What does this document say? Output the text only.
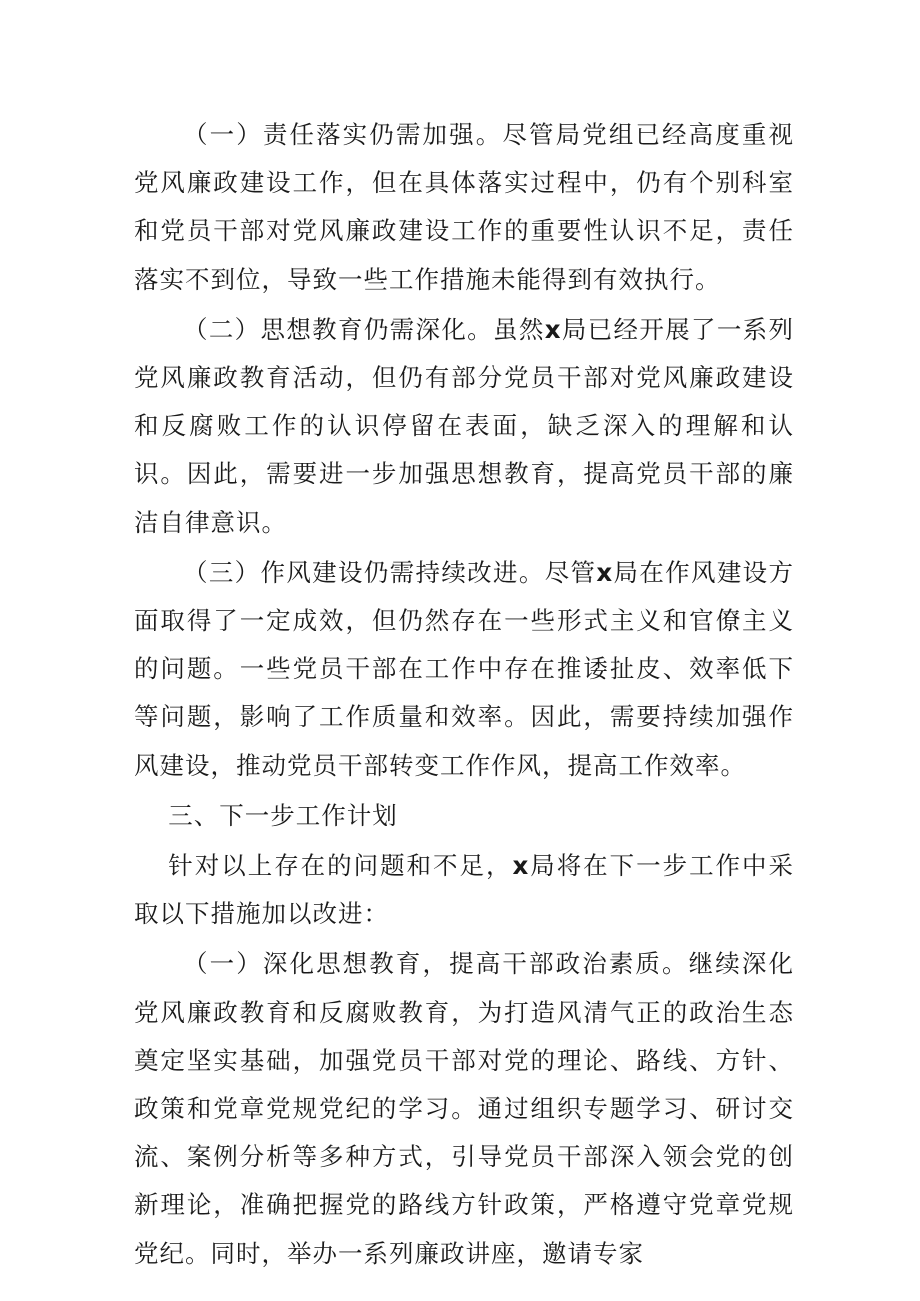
（一）责任落实仍需加强。尽管局党组已经高度重视党风廉政建设工作，但在具体落实过程中，仍有个别科室和党员干部对党风廉政建设工作的重要性认识不足，责任落实不到位，导致一些工作措施未能得到有效执行。

（二）思想教育仍需深化。虽然x局已经开展了一系列党风廉政教育活动，但仍有部分党员干部对党风廉政建设和反腐败工作的认识停留在表面，缺乏深入的理解和认识。因此，需要进一步加强思想教育，提高党员干部的廉洁自律意识。

（三）作风建设仍需持续改进。尽管x局在作风建设方面取得了一定成效，但仍然存在一些形式主义和官僚主义的问题。一些党员干部在工作中存在推诿扯皮、效率低下等问题，影响了工作质量和效率。因此，需要持续加强作风建设，推动党员干部转变工作作风，提高工作效率。

三、下一步工作计划

针对以上存在的问题和不足，x局将在下一步工作中采取以下措施加以改进：

（一）深化思想教育，提高干部政治素质。继续深化党风廉政教育和反腐败教育，为打造风清气正的政治生态奠定坚实基础，加强党员干部对党的理论、路线、方针、政策和党章党规党纪的学习。通过组织专题学习、研讨交流、案例分析等多种方式，引导党员干部深入领会党的创新理论，准确把握党的路线方针政策，严格遵守党章党规党纪。同时，举办一系列廉政讲座，邀请专家
